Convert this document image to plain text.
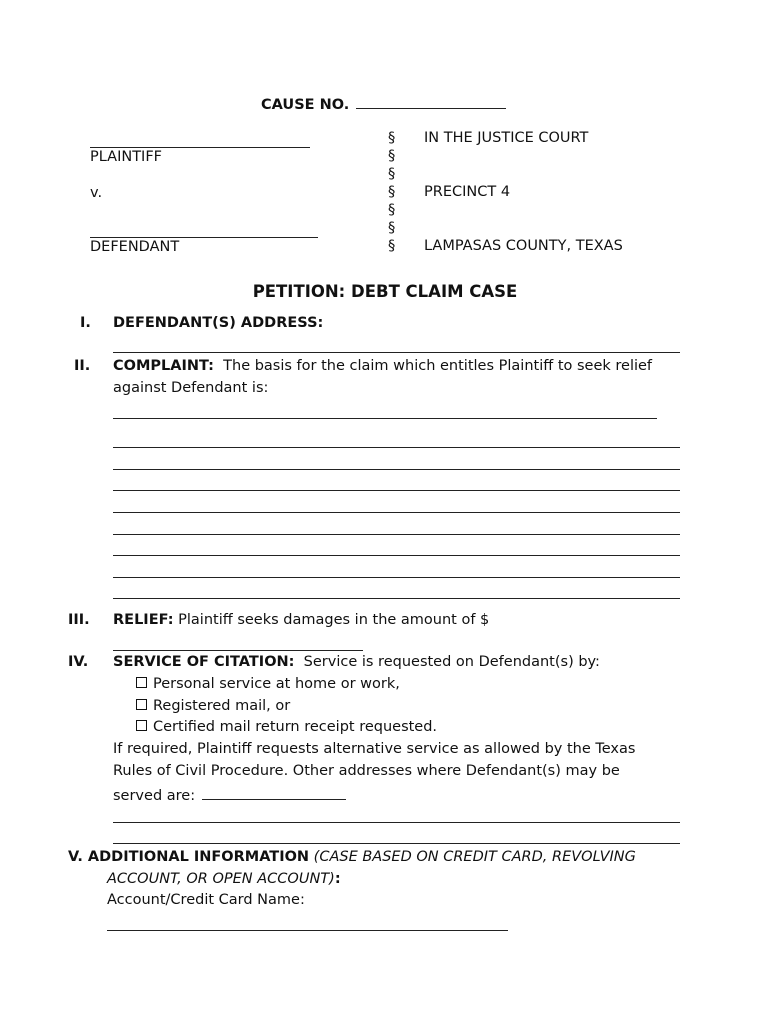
CAUSE NO.
PLAINTIFF
v.
DEFENDANT
§
§
§
§
§
§
§
IN THE JUSTICE COURT
PRECINCT 4
LAMPASAS COUNTY, TEXAS
PETITION: DEBT CLAIM CASE
I. DEFENDANT(S) ADDRESS:
II. COMPLAINT: The basis for the claim which entitles Plaintiff to seek relief
against Defendant is:
III. RELIEF: Plaintiff seeks damages in the amount of $
IV. SERVICE OF CITATION: Service is requested on Defendant(s) by:
Personal service at home or work,
Registered mail, or
Certified mail return receipt requested.
If required, Plaintiff requests alternative service as allowed by the Texas
Rules of Civil Procedure. Other addresses where Defendant(s) may be
served are:
V. ADDITIONAL INFORMATION (CASE BASED ON CREDIT CARD, REVOLVING
ACCOUNT, OR OPEN ACCOUNT):
Account/Credit Card Name:
